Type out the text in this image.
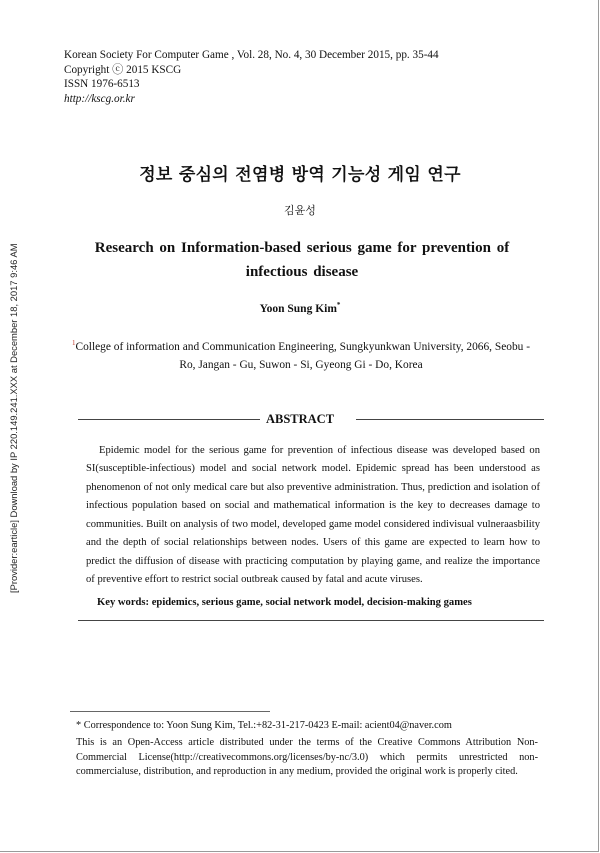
Korean Society For Computer Game , Vol. 28, No. 4, 30 December 2015, pp. 35-44
Copyright ⓒ 2015 KSCG
ISSN 1976-6513
http://kscg.or.kr
[Provider:earticle] Download by IP 220.149.241.XXX at December 18, 2017 9:46 AM
정보 중심의 전염병 방역 기능성 게임 연구
김윤성
Research on Information-based serious game for prevention of infectious disease
Yoon Sung Kim*
$^1$College of information and Communication Engineering, Sungkyunkwan University, 2066, Seobu - Ro, Jangan - Gu, Suwon - Si, Gyeong Gi - Do, Korea
ABSTRACT

Epidemic model for the serious game for prevention of infectious disease was developed based on SI(susceptible-infectious) model and social network model. Epidemic spread has been understood as phenomenon of not only medical care but also preventive administration. Thus, prediction and isolation of infectious population based on social and mathematical information is the key to decreases damage to communities. Built on analysis of two model, developed game model considered indivisual vulneraasbility and the depth of social relationships between nodes. Users of this game are expected to learn how to predict the diffusion of disease with practicing computation by playing game, and realize the importance of preventive effort to restrict social outbreak caused by fatal and acute viruses.

Key words: epidemics, serious game, social network model, decision-making games

* Correspondence to: Yoon Sung Kim, Tel.:+82-31-217-0423 E-mail: acient04@naver.com

This is an Open-Access article distributed under the terms of the Creative Commons Attribution Non-Commercial License(http://creativecommons.org/licenses/by-nc/3.0) which permits unrestricted non-commercialuse, distribution, and reproduction in any medium, provided the original work is properly cited.
